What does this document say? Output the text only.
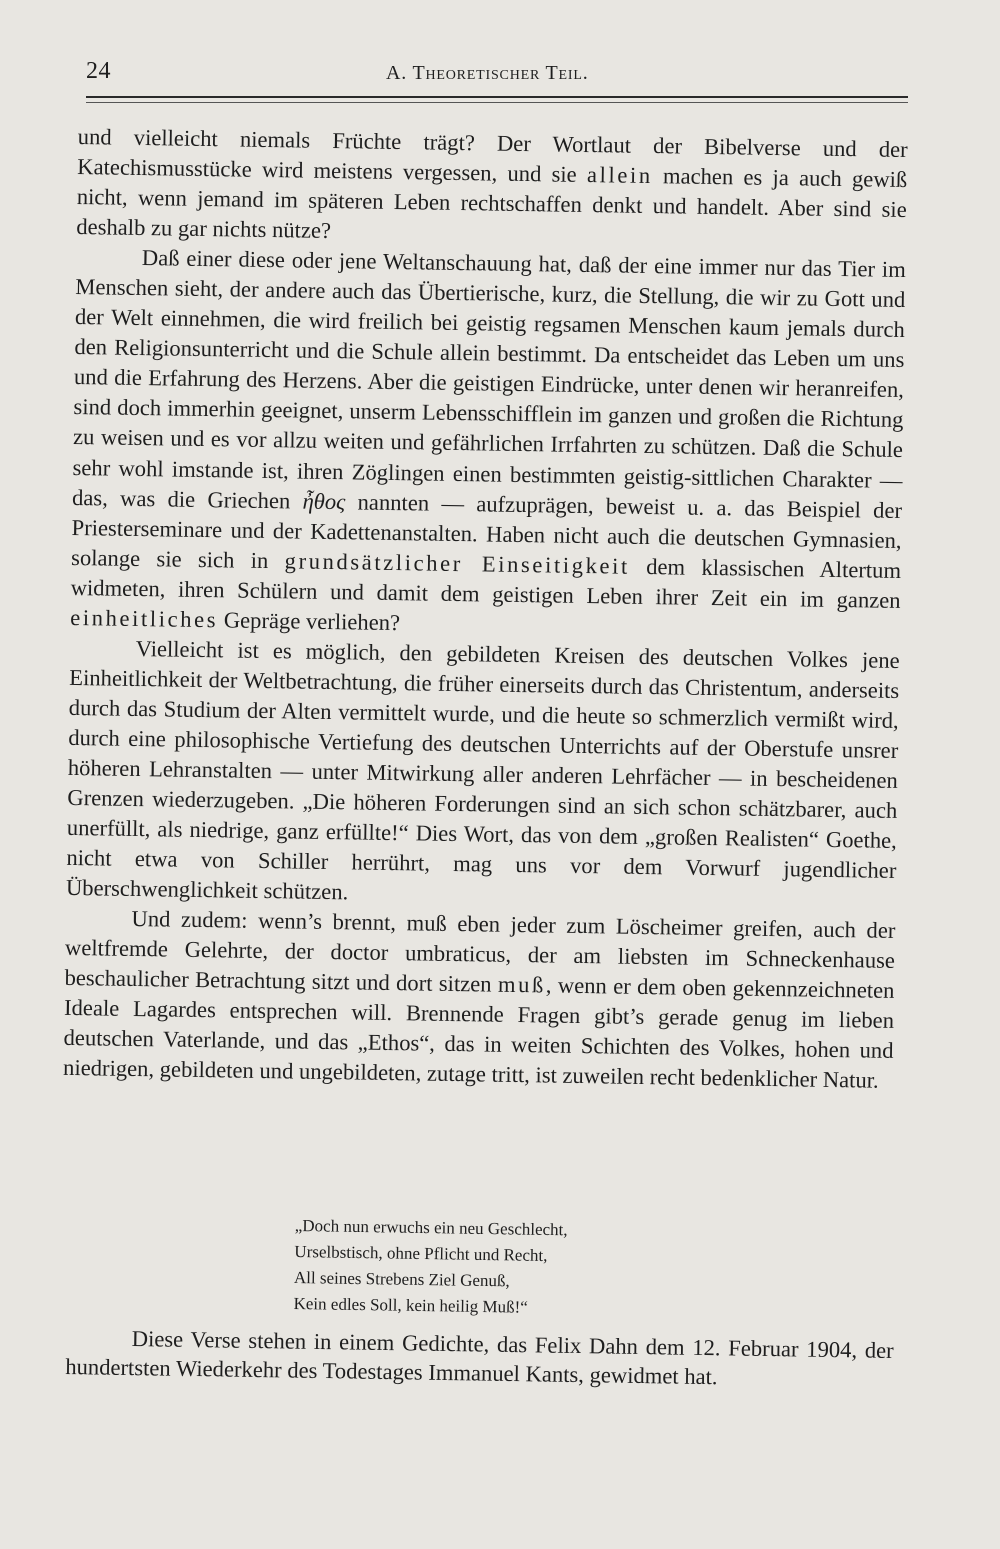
24	A. Theoretischer Teil.

und vielleicht niemals Früchte trägt? Der Wortlaut der Bibelverse und der Katechismusstücke wird meistens vergessen, und sie allein machen es ja auch gewiß nicht, wenn jemand im späteren Leben rechtschaffen denkt und handelt. Aber sind sie deshalb zu gar nichts nütze?

Daß einer diese oder jene Weltanschauung hat, daß der eine immer nur das Tier im Menschen sieht, der andere auch das Übertierische, kurz, die Stellung, die wir zu Gott und der Welt einnehmen, die wird freilich bei geistig regsamen Menschen kaum jemals durch den Religionsunterricht und die Schule allein bestimmt. Da entscheidet das Leben um uns und die Erfahrung des Herzens. Aber die geistigen Eindrücke, unter denen wir heranreifen, sind doch immerhin geeignet, unserm Lebensschifflein im ganzen und großen die Richtung zu weisen und es vor allzu weiten und gefährlichen Irrfahrten zu schützen. Daß die Schule sehr wohl imstande ist, ihren Zöglingen einen bestimmten geistig-sittlichen Charakter — das, was die Griechen ἦθος nannten — aufzuprägen, beweist u. a. das Beispiel der Priesterseminare und der Kadettenanstalten. Haben nicht auch die deutschen Gymnasien, solange sie sich in grundsätzlicher Einseitigkeit dem klassischen Altertum widmeten, ihren Schülern und damit dem geistigen Leben ihrer Zeit ein im ganzen einheitliches Gepräge verliehen?

Vielleicht ist es möglich, den gebildeten Kreisen des deutschen Volkes jene Einheitlichkeit der Weltbetrachtung, die früher einerseits durch das Christentum, anderseits durch das Studium der Alten vermittelt wurde, und die heute so schmerzlich vermißt wird, durch eine philosophische Vertiefung des deutschen Unterrichts auf der Oberstufe unsrer höheren Lehranstalten — unter Mitwirkung aller anderen Lehrfächer — in bescheidenen Grenzen wiederzugeben. „Die höheren Forderungen sind an sich schon schätzbarer, auch unerfüllt, als niedrige, ganz erfüllte!“ Dies Wort, das von dem „großen Realisten“ Goethe, nicht etwa von Schiller herrührt, mag uns vor dem Vorwurf jugendlicher Überschwenglichkeit schützen.

Und zudem: wenn’s brennt, muß eben jeder zum Löscheimer greifen, auch der weltfremde Gelehrte, der doctor umbraticus, der am liebsten im Schneckenhause beschaulicher Betrachtung sitzt und dort sitzen muß, wenn er dem oben gekennzeichneten Ideale Lagardes entsprechen will. Brennende Fragen gibt’s gerade genug im lieben deutschen Vaterlande, und das „Ethos“, das in weiten Schichten des Volkes, hohen und niedrigen, gebildeten und ungebildeten, zutage tritt, ist zuweilen recht bedenklicher Natur.

„Doch nun erwuchs ein neu Geschlecht,
Urselbstisch, ohne Pflicht und Recht,
All seines Strebens Ziel Genuß,
Kein edles Soll, kein heilig Muß!“

Diese Verse stehen in einem Gedichte, das Felix Dahn dem 12. Februar 1904, der hundertsten Wiederkehr des Todestages Immanuel Kants, gewidmet hat.
